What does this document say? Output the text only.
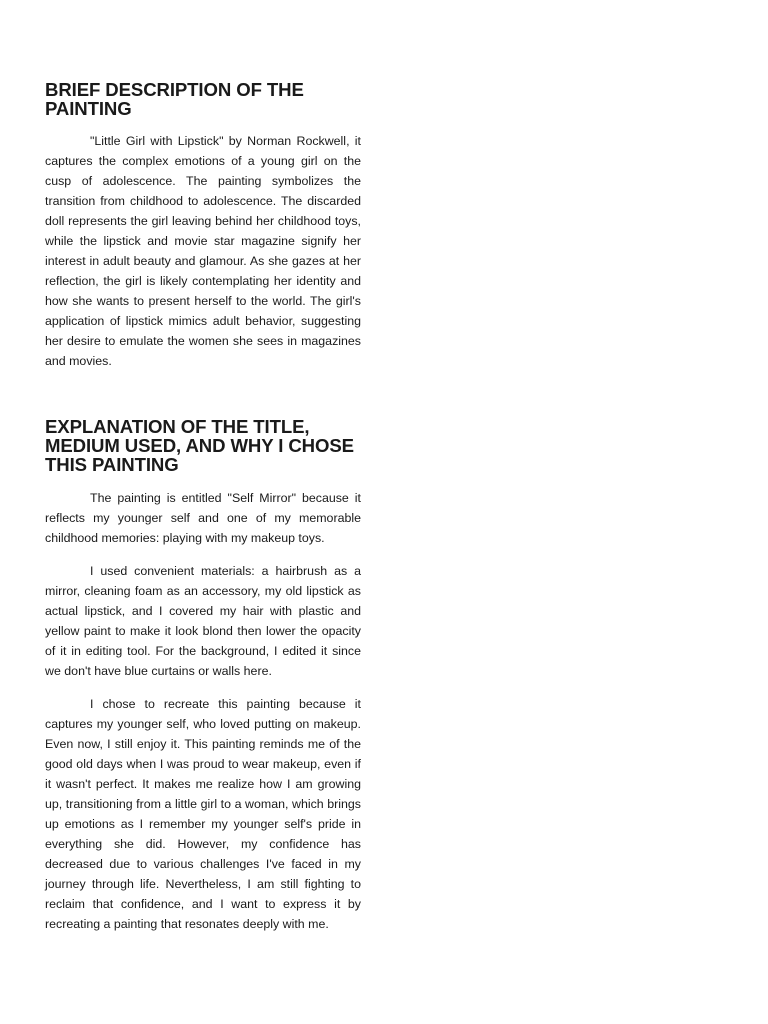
BRIEF DESCRIPTION OF THE PAINTING

"Little Girl with Lipstick" by Norman Rockwell, it captures the complex emotions of a young girl on the cusp of adolescence. The painting symbolizes the transition from childhood to adolescence. The discarded doll represents the girl leaving behind her childhood toys, while the lipstick and movie star magazine signify her interest in adult beauty and glamour. As she gazes at her reflection, the girl is likely contemplating her identity and how she wants to present herself to the world. The girl's application of lipstick mimics adult behavior, suggesting her desire to emulate the women she sees in magazines and movies.

EXPLANATION OF THE TITLE, MEDIUM USED, AND WHY I CHOSE THIS PAINTING

The painting is entitled "Self Mirror" because it reflects my younger self and one of my memorable childhood memories: playing with my makeup toys.

I used convenient materials: a hairbrush as a mirror, cleaning foam as an accessory, my old lipstick as actual lipstick, and I covered my hair with plastic and yellow paint to make it look blond then lower the opacity of it in editing tool. For the background, I edited it since we don't have blue curtains or walls here.

I chose to recreate this painting because it captures my younger self, who loved putting on makeup. Even now, I still enjoy it. This painting reminds me of the good old days when I was proud to wear makeup, even if it wasn't perfect. It makes me realize how I am growing up, transitioning from a little girl to a woman, which brings up emotions as I remember my younger self's pride in everything she did. However, my confidence has decreased due to various challenges I've faced in my journey through life. Nevertheless, I am still fighting to reclaim that confidence, and I want to express it by recreating a painting that resonates deeply with me.
